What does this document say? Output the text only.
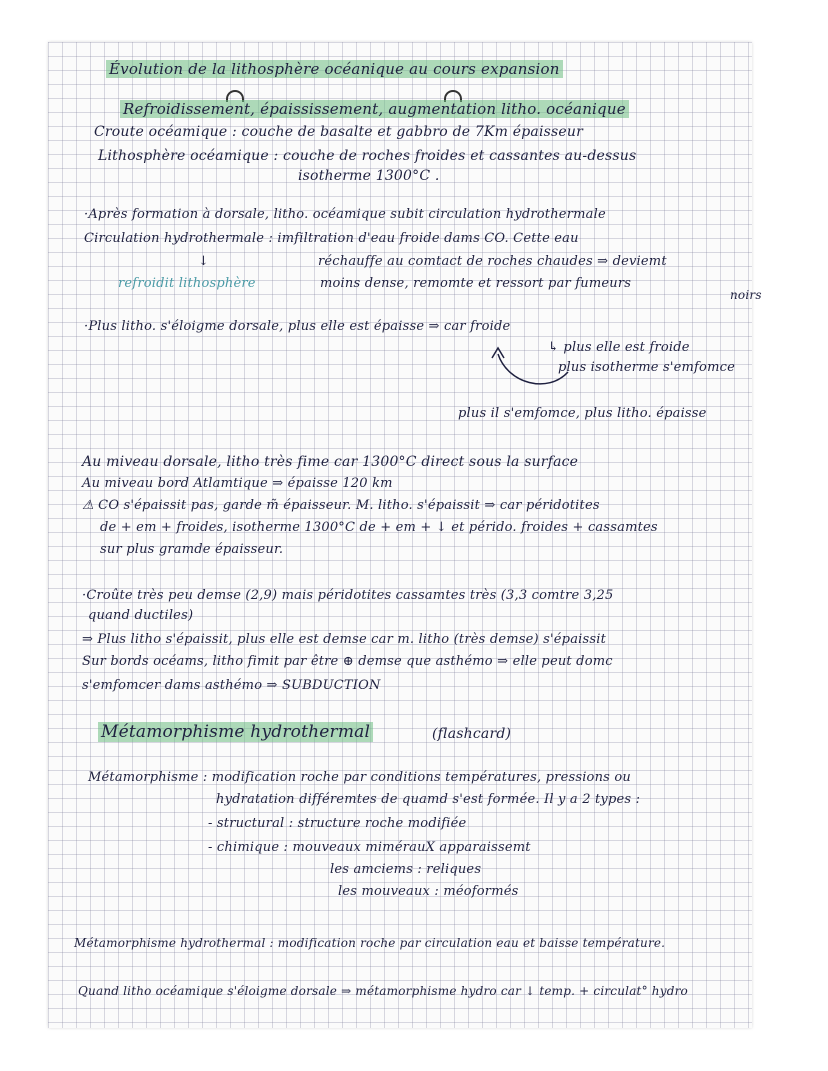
Évolution de la lithosphère océanique au cours expansion
Refroidissement, épaississement, augmentation litho. océanique
Croute océamique : couche de basalte et gabbro de 7Km épaisseur
Lithosphère océamique : couche de roches froides et cassantes au-dessus
isotherme 1300°C .
·Après formation à dorsale, litho. océamique subit circulation hydrothermale
Circulation hydrothermale : imfiltration d'eau froide dams CO. Cette eau
réchauffe au comtact de roches chaudes ⇒ deviemt
moins dense, remomte et ressort par fumeurs
noirs
↓
refroidit lithosphère
·Plus litho. s'éloigme dorsale, plus elle est épaisse ⇒ car froide
↳ plus elle est froide
plus isotherme s'emfomce
plus il s'emfomce, plus litho. épaisse
Au miveau dorsale, litho très fime car 1300°C direct sous la surface
Au miveau bord Atlamtique ⇒ épaisse 120 km
⚠ CO s'épaissit pas, garde m̃ épaisseur. M. litho. s'épaissit ⇒ car péridotites
de + em + froides, isotherme 1300°C de + em + ↓ et pérido. froides + cassamtes
sur plus gramde épaisseur.
·Croûte très peu demse (2,9) mais péridotites cassamtes très (3,3 comtre 3,25
quand ductiles)
⇒ Plus litho s'épaissit, plus elle est demse car m. litho (très demse) s'épaissit
Sur bords océams, litho fimit par être ⊕ demse que asthémo ⇒ elle peut domc
s'emfomcer dams asthémo ⇒ SUBDUCTION
Métamorphisme hydrothermal	(flashcard)
Métamorphisme : modification roche par conditions températures, pressions ou
hydratation différemtes de quamd s'est formée. Il y a 2 types :
- structural : structure roche modifiée
- chimique : mouveaux mimérauX apparaissemt
les amciems : reliques
les mouveaux : méoformés
Métamorphisme hydrothermal : modification roche par circulation eau et baisse température.
Quand litho océamique s'éloigme dorsale ⇒ métamorphisme hydro car ↓ temp. + circulat° hydro
